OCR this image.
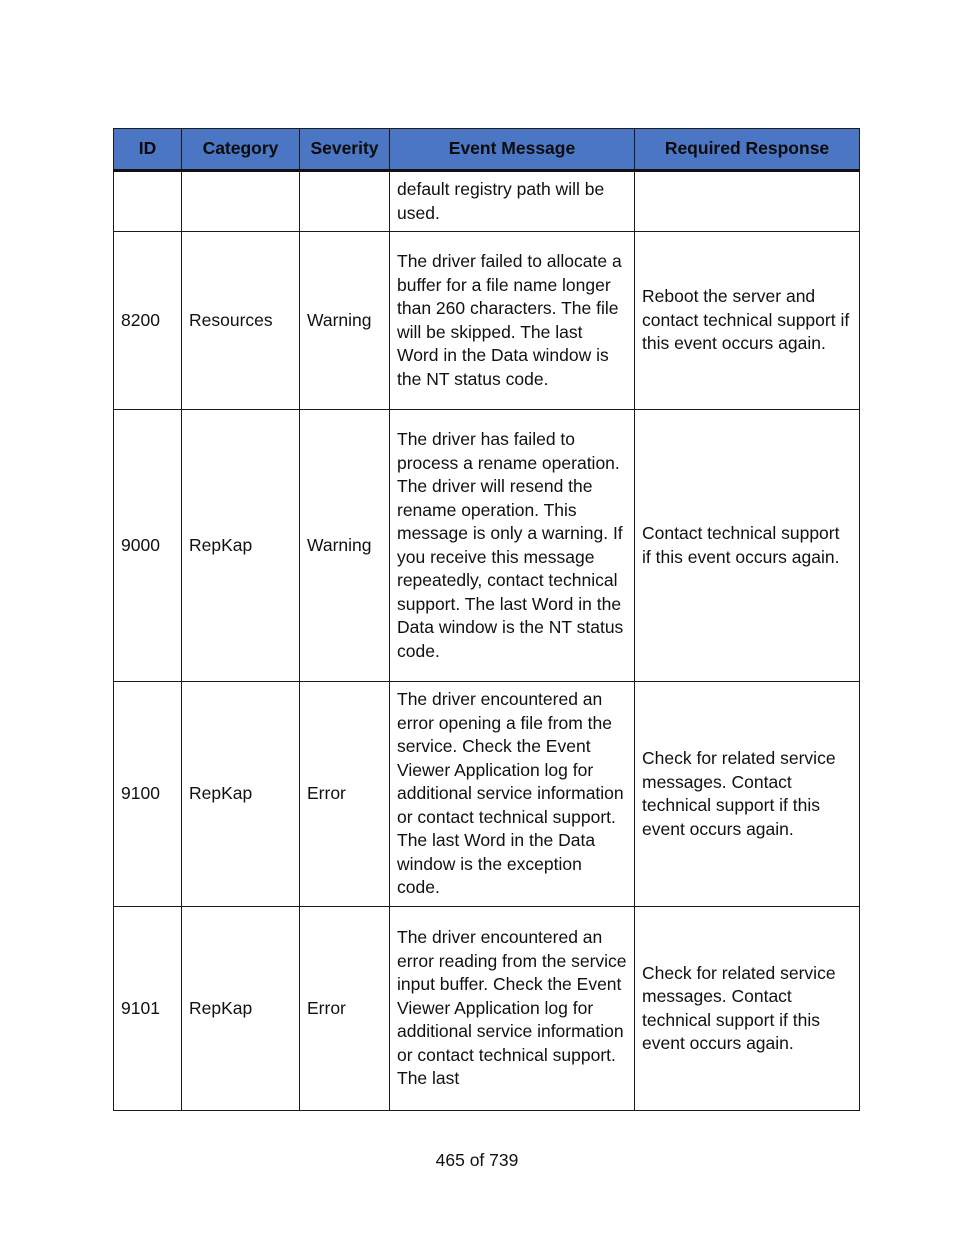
ID	Category	Severity	Event Message	Required Response
			default registry path will be used.	
8200	Resources	Warning	The driver failed to allocate a buffer for a file name longer than 260 characters. The file will be skipped. The last Word in the Data window is the NT status code.	Reboot the server and contact technical support if this event occurs again.
9000	RepKap	Warning	The driver has failed to process a rename operation. The driver will resend the rename operation. This message is only a warning. If you receive this message repeatedly, contact technical support. The last Word in the Data window is the NT status code.	Contact technical support if this event occurs again.
9100	RepKap	Error	The driver encountered an error opening a file from the service. Check the Event Viewer Application log for additional service information or contact technical support. The last Word in the Data window is the exception code.	Check for related service messages. Contact technical support if this event occurs again.
9101	RepKap	Error	The driver encountered an error reading from the service input buffer. Check the Event Viewer Application log for additional service information or contact technical support. The last	Check for related service messages. Contact technical support if this event occurs again.
465 of 739
